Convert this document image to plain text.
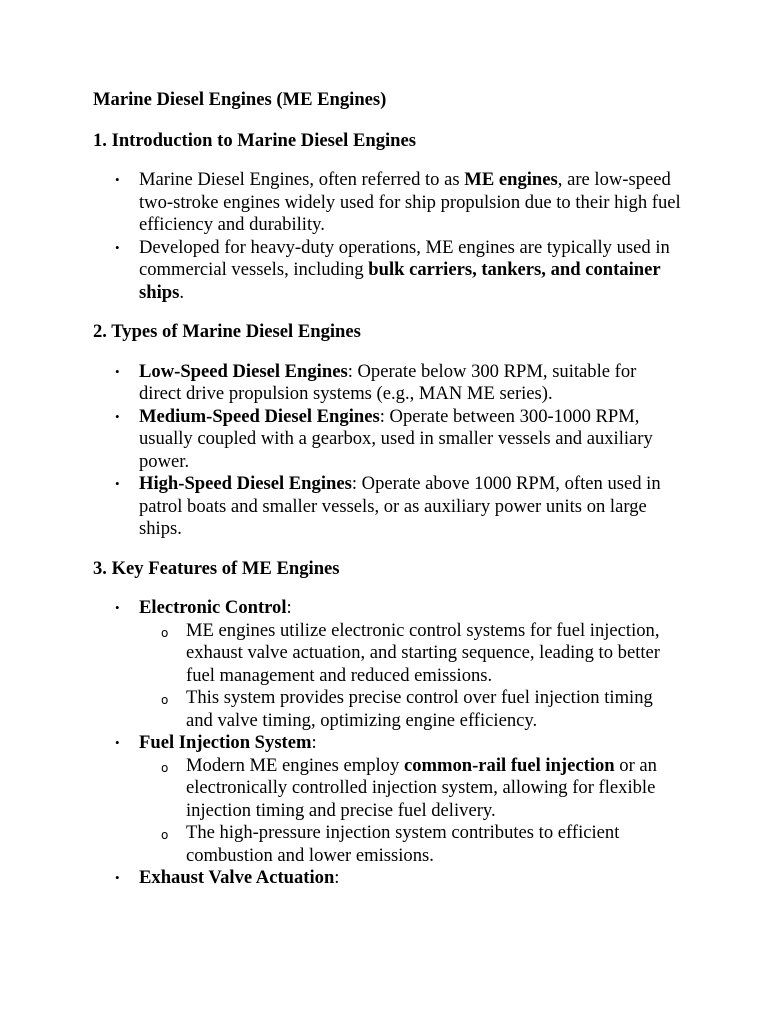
Marine Diesel Engines (ME Engines)

1. Introduction to Marine Diesel Engines

• Marine Diesel Engines, often referred to as ME engines, are low-speed two-stroke engines widely used for ship propulsion due to their high fuel efficiency and durability.
• Developed for heavy-duty operations, ME engines are typically used in commercial vessels, including bulk carriers, tankers, and container ships.

2. Types of Marine Diesel Engines

• Low-Speed Diesel Engines: Operate below 300 RPM, suitable for direct drive propulsion systems (e.g., MAN ME series).
• Medium-Speed Diesel Engines: Operate between 300-1000 RPM, usually coupled with a gearbox, used in smaller vessels and auxiliary power.
• High-Speed Diesel Engines: Operate above 1000 RPM, often used in patrol boats and smaller vessels, or as auxiliary power units on large ships.

3. Key Features of ME Engines

• Electronic Control:
o ME engines utilize electronic control systems for fuel injection, exhaust valve actuation, and starting sequence, leading to better fuel management and reduced emissions.
o This system provides precise control over fuel injection timing and valve timing, optimizing engine efficiency.
• Fuel Injection System:
o Modern ME engines employ common-rail fuel injection or an electronically controlled injection system, allowing for flexible injection timing and precise fuel delivery.
o The high-pressure injection system contributes to efficient combustion and lower emissions.
• Exhaust Valve Actuation:
